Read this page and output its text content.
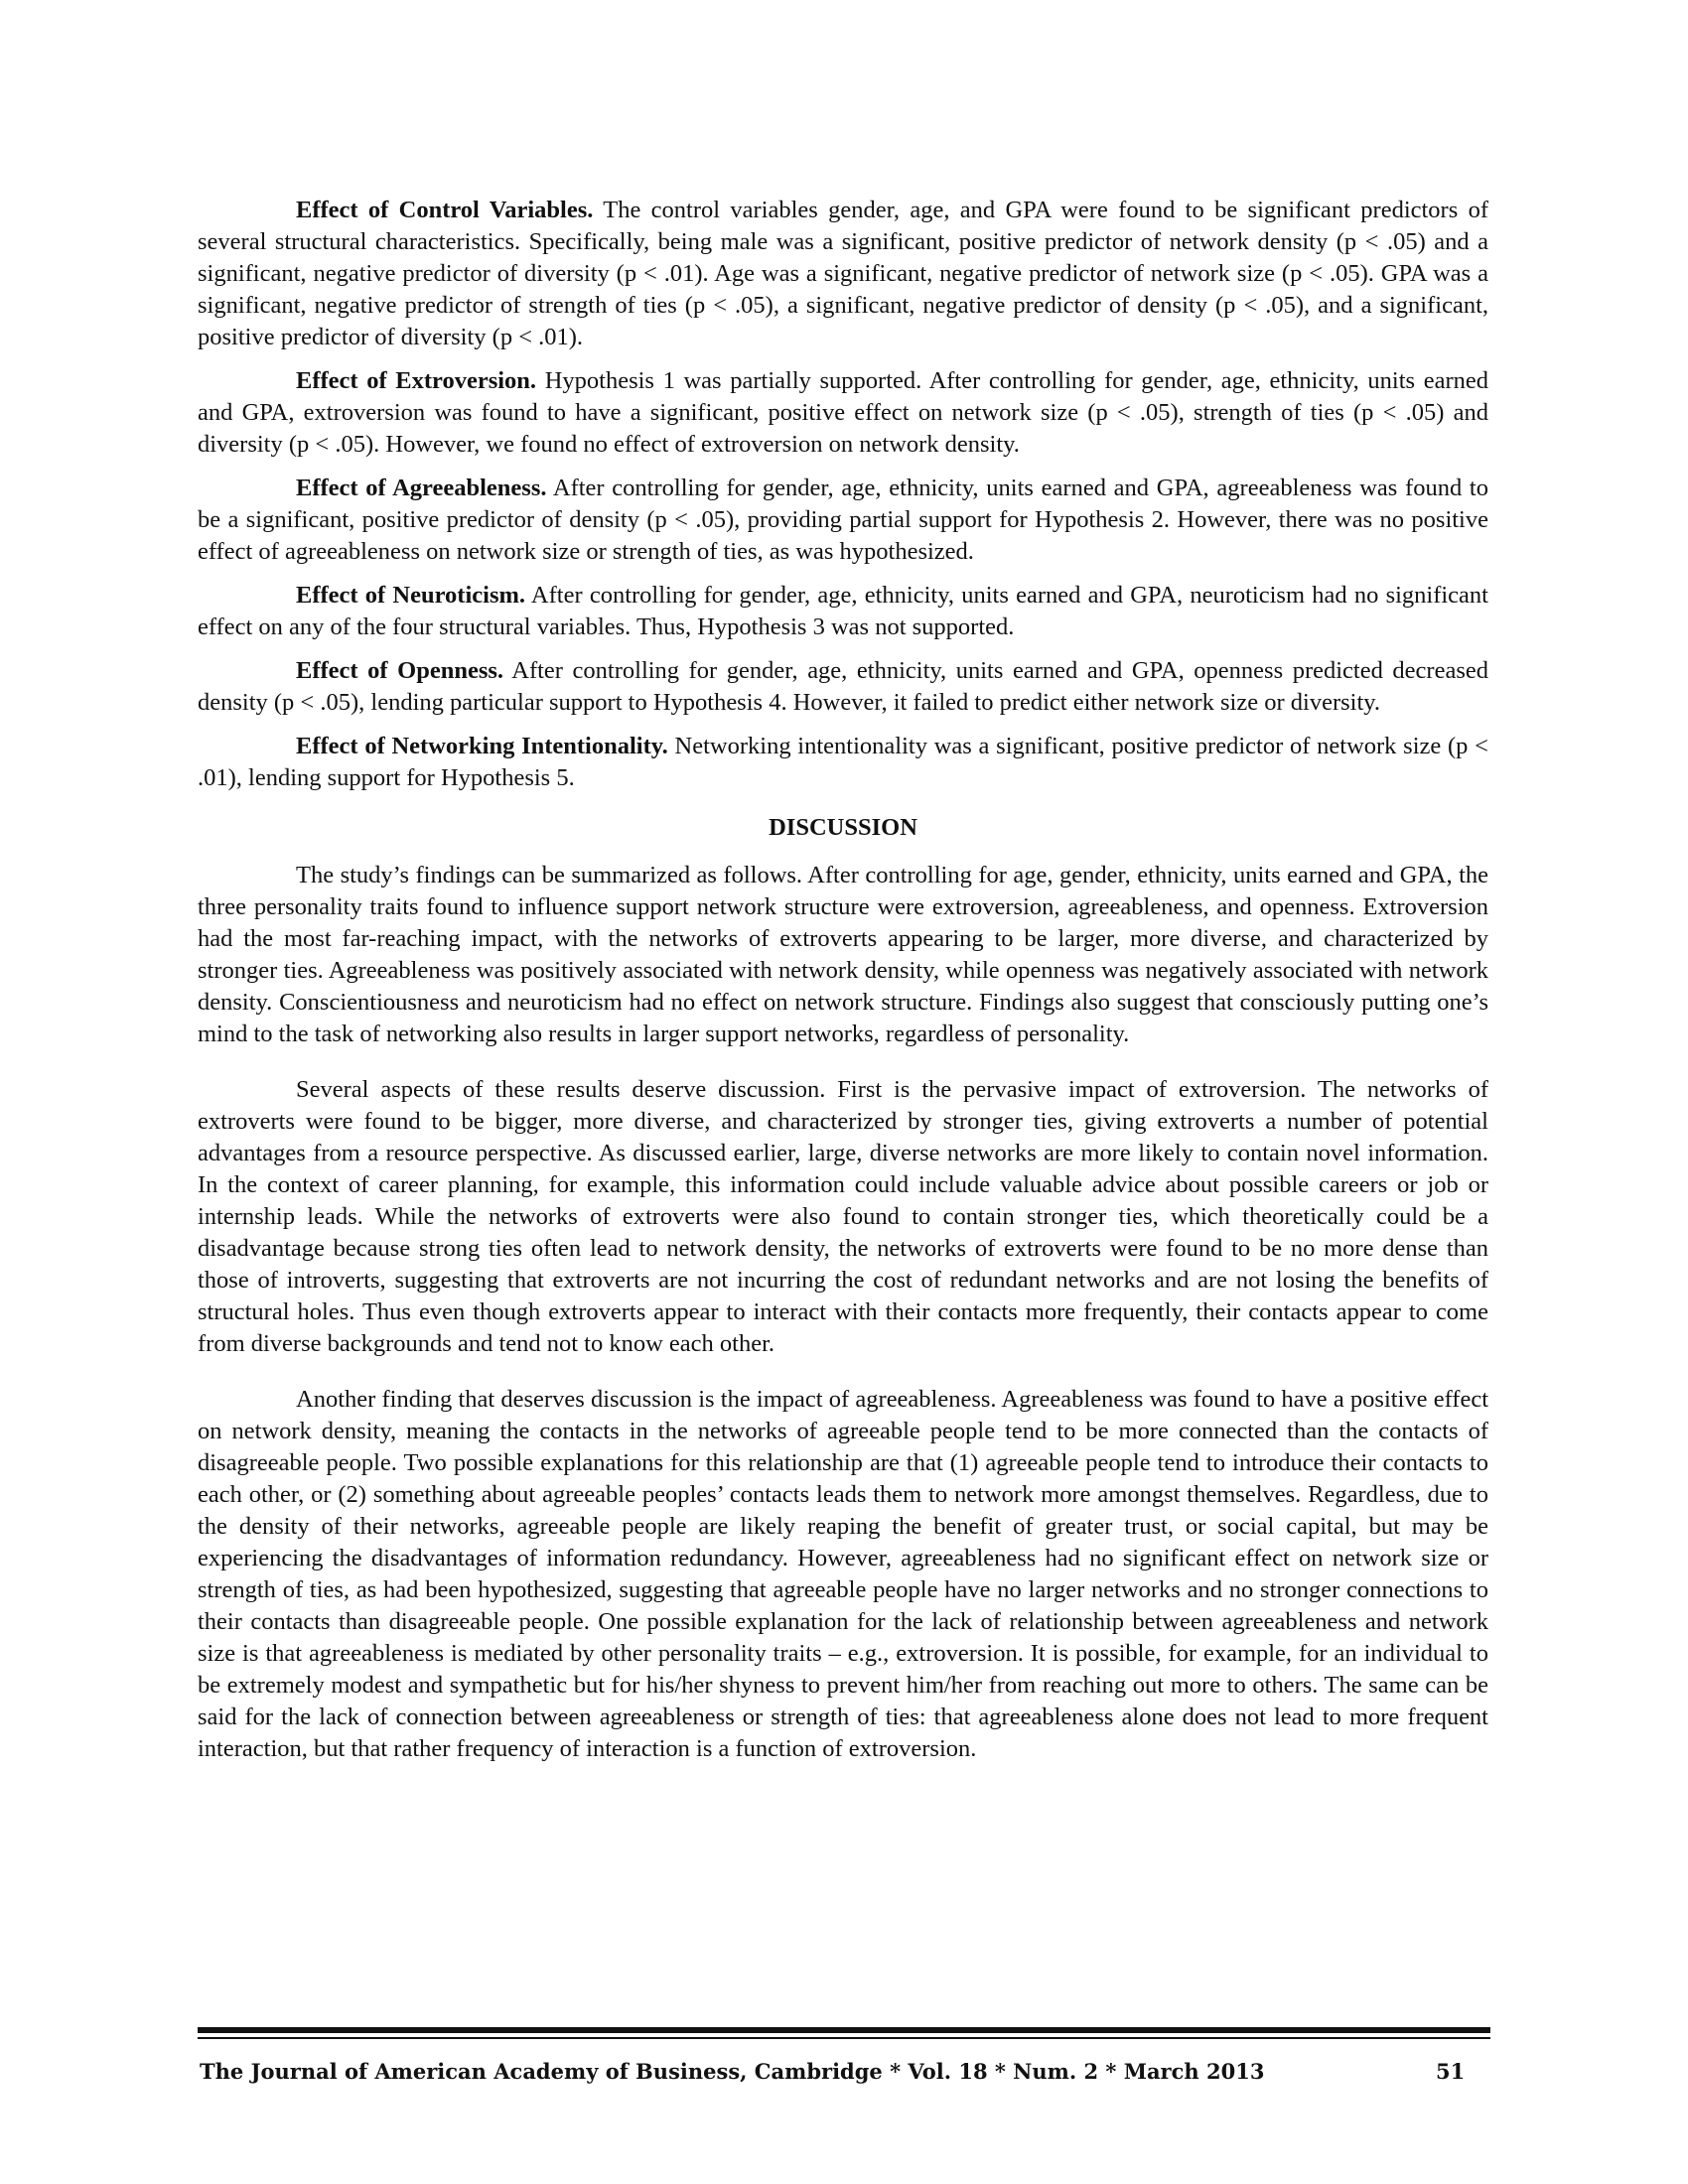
Effect of Control Variables. The control variables gender, age, and GPA were found to be significant predictors of several structural characteristics. Specifically, being male was a significant, positive predictor of network density (p < .05) and a significant, negative predictor of diversity (p < .01). Age was a significant, negative predictor of network size (p < .05). GPA was a significant, negative predictor of strength of ties (p < .05), a significant, negative predictor of density (p < .05), and a significant, positive predictor of diversity (p < .01).

Effect of Extroversion. Hypothesis 1 was partially supported. After controlling for gender, age, ethnicity, units earned and GPA, extroversion was found to have a significant, positive effect on network size (p < .05), strength of ties (p < .05) and diversity (p < .05). However, we found no effect of extroversion on network density.

Effect of Agreeableness. After controlling for gender, age, ethnicity, units earned and GPA, agreeableness was found to be a significant, positive predictor of density (p < .05), providing partial support for Hypothesis 2. However, there was no positive effect of agreeableness on network size or strength of ties, as was hypothesized.

Effect of Neuroticism. After controlling for gender, age, ethnicity, units earned and GPA, neuroticism had no significant effect on any of the four structural variables. Thus, Hypothesis 3 was not supported.

Effect of Openness. After controlling for gender, age, ethnicity, units earned and GPA, openness predicted decreased density (p < .05), lending particular support to Hypothesis 4. However, it failed to predict either network size or diversity.

Effect of Networking Intentionality. Networking intentionality was a significant, positive predictor of network size (p < .01), lending support for Hypothesis 5.

DISCUSSION

The study’s findings can be summarized as follows. After controlling for age, gender, ethnicity, units earned and GPA, the three personality traits found to influence support network structure were extroversion, agreeableness, and openness. Extroversion had the most far-reaching impact, with the networks of extroverts appearing to be larger, more diverse, and characterized by stronger ties. Agreeableness was positively associated with network density, while openness was negatively associated with network density. Conscientiousness and neuroticism had no effect on network structure. Findings also suggest that consciously putting one’s mind to the task of networking also results in larger support networks, regardless of personality.

Several aspects of these results deserve discussion. First is the pervasive impact of extroversion. The networks of extroverts were found to be bigger, more diverse, and characterized by stronger ties, giving extroverts a number of potential advantages from a resource perspective. As discussed earlier, large, diverse networks are more likely to contain novel information. In the context of career planning, for example, this information could include valuable advice about possible careers or job or internship leads. While the networks of extroverts were also found to contain stronger ties, which theoretically could be a disadvantage because strong ties often lead to network density, the networks of extroverts were found to be no more dense than those of introverts, suggesting that extroverts are not incurring the cost of redundant networks and are not losing the benefits of structural holes. Thus even though extroverts appear to interact with their contacts more frequently, their contacts appear to come from diverse backgrounds and tend not to know each other.

Another finding that deserves discussion is the impact of agreeableness. Agreeableness was found to have a positive effect on network density, meaning the contacts in the networks of agreeable people tend to be more connected than the contacts of disagreeable people. Two possible explanations for this relationship are that (1) agreeable people tend to introduce their contacts to each other, or (2) something about agreeable peoples’ contacts leads them to network more amongst themselves. Regardless, due to the density of their networks, agreeable people are likely reaping the benefit of greater trust, or social capital, but may be experiencing the disadvantages of information redundancy. However, agreeableness had no significant effect on network size or strength of ties, as had been hypothesized, suggesting that agreeable people have no larger networks and no stronger connections to their contacts than disagreeable people. One possible explanation for the lack of relationship between agreeableness and network size is that agreeableness is mediated by other personality traits – e.g., extroversion. It is possible, for example, for an individual to be extremely modest and sympathetic but for his/her shyness to prevent him/her from reaching out more to others. The same can be said for the lack of connection between agreeableness or strength of ties: that agreeableness alone does not lead to more frequent interaction, but that rather frequency of interaction is a function of extroversion.

The Journal of American Academy of Business, Cambridge * Vol. 18 * Num. 2 * March 2013	51
